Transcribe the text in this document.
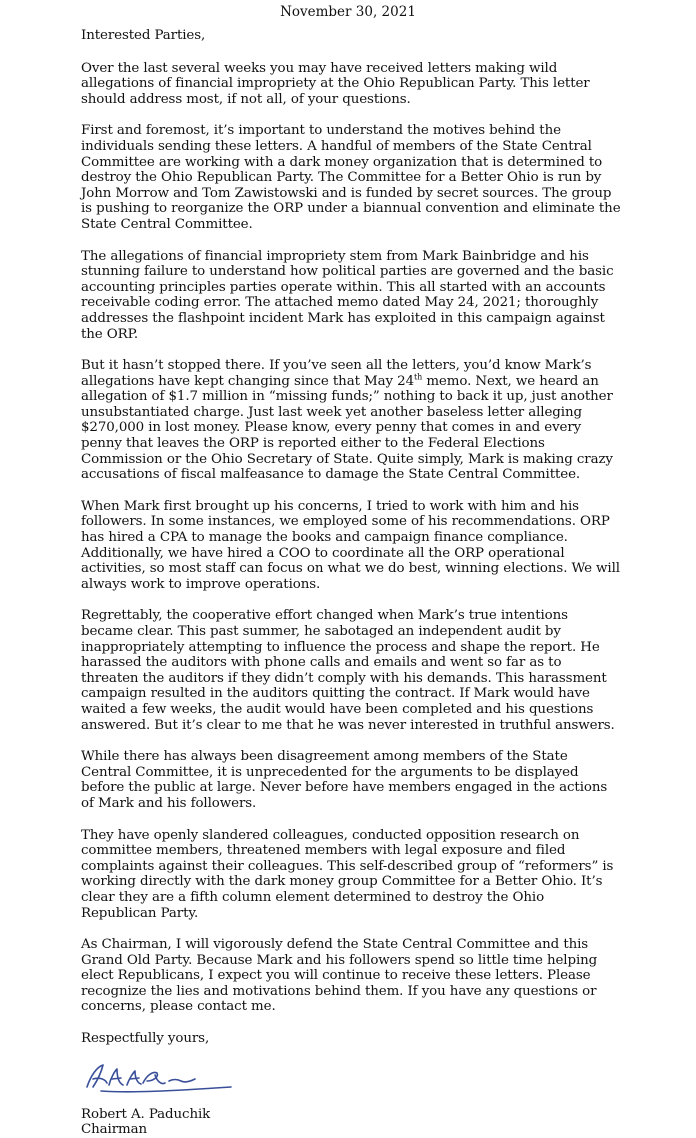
November 30, 2021

Interested Parties,

Over the last several weeks you may have received letters making wild allegations of financial impropriety at the Ohio Republican Party. This letter should address most, if not all, of your questions.

First and foremost, it’s important to understand the motives behind the individuals sending these letters. A handful of members of the State Central Committee are working with a dark money organization that is determined to destroy the Ohio Republican Party. The Committee for a Better Ohio is run by John Morrow and Tom Zawistowski and is funded by secret sources. The group is pushing to reorganize the ORP under a biannual convention and eliminate the State Central Committee.

The allegations of financial impropriety stem from Mark Bainbridge and his stunning failure to understand how political parties are governed and the basic accounting principles parties operate within. This all started with an accounts receivable coding error. The attached memo dated May 24, 2021; thoroughly addresses the flashpoint incident Mark has exploited in this campaign against the ORP.

But it hasn’t stopped there. If you’ve seen all the letters, you’d know Mark’s allegations have kept changing since that May 24th memo. Next, we heard an allegation of $1.7 million in “missing funds;” nothing to back it up, just another unsubstantiated charge. Just last week yet another baseless letter alleging $270,000 in lost money. Please know, every penny that comes in and every penny that leaves the ORP is reported either to the Federal Elections Commission or the Ohio Secretary of State. Quite simply, Mark is making crazy accusations of fiscal malfeasance to damage the State Central Committee.

When Mark first brought up his concerns, I tried to work with him and his followers. In some instances, we employed some of his recommendations. ORP has hired a CPA to manage the books and campaign finance compliance. Additionally, we have hired a COO to coordinate all the ORP operational activities, so most staff can focus on what we do best, winning elections. We will always work to improve operations.

Regrettably, the cooperative effort changed when Mark’s true intentions became clear. This past summer, he sabotaged an independent audit by inappropriately attempting to influence the process and shape the report. He harassed the auditors with phone calls and emails and went so far as to threaten the auditors if they didn’t comply with his demands. This harassment campaign resulted in the auditors quitting the contract. If Mark would have waited a few weeks, the audit would have been completed and his questions answered. But it’s clear to me that he was never interested in truthful answers.

While there has always been disagreement among members of the State Central Committee, it is unprecedented for the arguments to be displayed before the public at large. Never before have members engaged in the actions of Mark and his followers.

They have openly slandered colleagues, conducted opposition research on committee members, threatened members with legal exposure and filed complaints against their colleagues. This self-described group of “reformers” is working directly with the dark money group Committee for a Better Ohio. It’s clear they are a fifth column element determined to destroy the Ohio Republican Party.

As Chairman, I will vigorously defend the State Central Committee and this Grand Old Party. Because Mark and his followers spend so little time helping elect Republicans, I expect you will continue to receive these letters. Please recognize the lies and motivations behind them. If you have any questions or concerns, please contact me.

Respectfully yours,

Robert A. Paduchik

Chairman
